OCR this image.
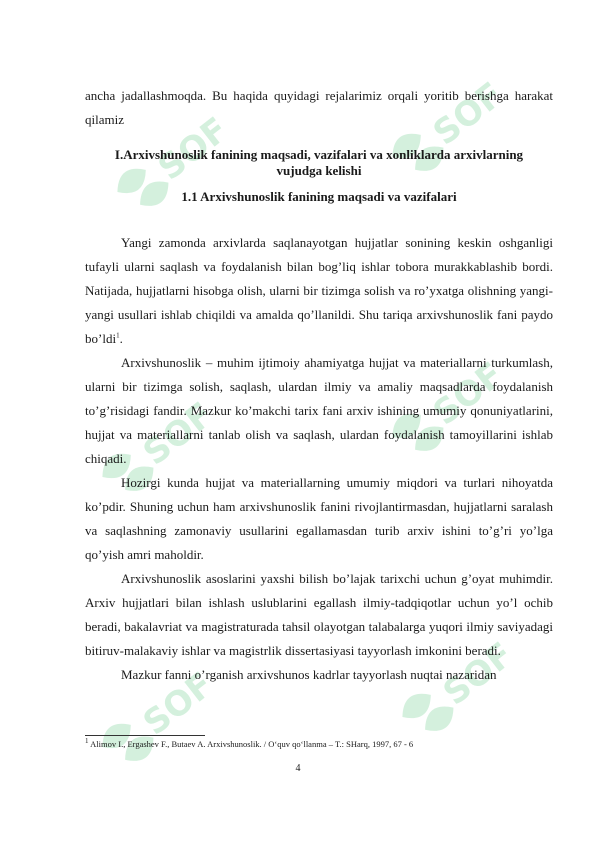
SOF	SOF
SOF
SOF
SOF	SOF

ancha jadallashmoqda. Bu haqida quyidagi rejalarimiz orqali yoritib berishga harakat qilamiz

I.Arxivshunoslik fanining maqsadi, vazifalari va xonliklarda arxivlarning vujudga kelishi
1.1 Arxivshunoslik fanining maqsadi va vazifalari

Yangi zamonda arxivlarda saqlanayotgan hujjatlar sonining keskin oshganligi tufayli ularni saqlash va foydalanish bilan bog’liq ishlar tobora murakkablashib bordi. Natijada, hujjatlarni hisobga olish, ularni bir tizimga solish va ro’yxatga olishning yangi-yangi usullari ishlab chiqildi va amalda qo’llanildi. Shu tariqa arxivshunoslik fani paydo bo’ldi$^1$.

Arxivshunoslik – muhim ijtimoiy ahamiyatga hujjat va materiallarni turkumlash, ularni bir tizimga solish, saqlash, ulardan ilmiy va amaliy maqsadlarda foydalanish to’g’risidagi fandir. Mazkur ko’makchi tarix fani arxiv ishining umumiy qonuniyatlarini, hujjat va materiallarni tanlab olish va saqlash, ulardan foydalanish tamoyillarini ishlab chiqadi.

Hozirgi kunda hujjat va materiallarning umumiy miqdori va turlari nihoyatda ko’pdir. Shuning uchun ham arxivshunoslik fanini rivojlantirmasdan, hujjatlarni saralash va saqlashning zamonaviy usullarini egallamasdan turib arxiv ishini to’g’ri yo’lga qo’yish amri maholdir.

Arxivshunoslik asoslarini yaxshi bilish bo’lajak tarixchi uchun g’oyat muhimdir. Arxiv hujjatlari bilan ishlash uslublarini egallash ilmiy-tadqiqotlar uchun yo’l ochib beradi, bakalavriat va magistraturada tahsil olayotgan talabalarga yuqori ilmiy saviyadagi bitiruv-malakaviy ishlar va magistrlik dissertasiyasi tayyorlash imkonini beradi.

Mazkur fanni o’rganish arxivshunos kadrlar tayyorlash nuqtai nazaridan

$^1$ Alimov I., Ergashev F., Butaev A. Arxivshunoslik. / O‘quv qo‘llanma – T.: SHarq, 1997, 67 - 6
4
